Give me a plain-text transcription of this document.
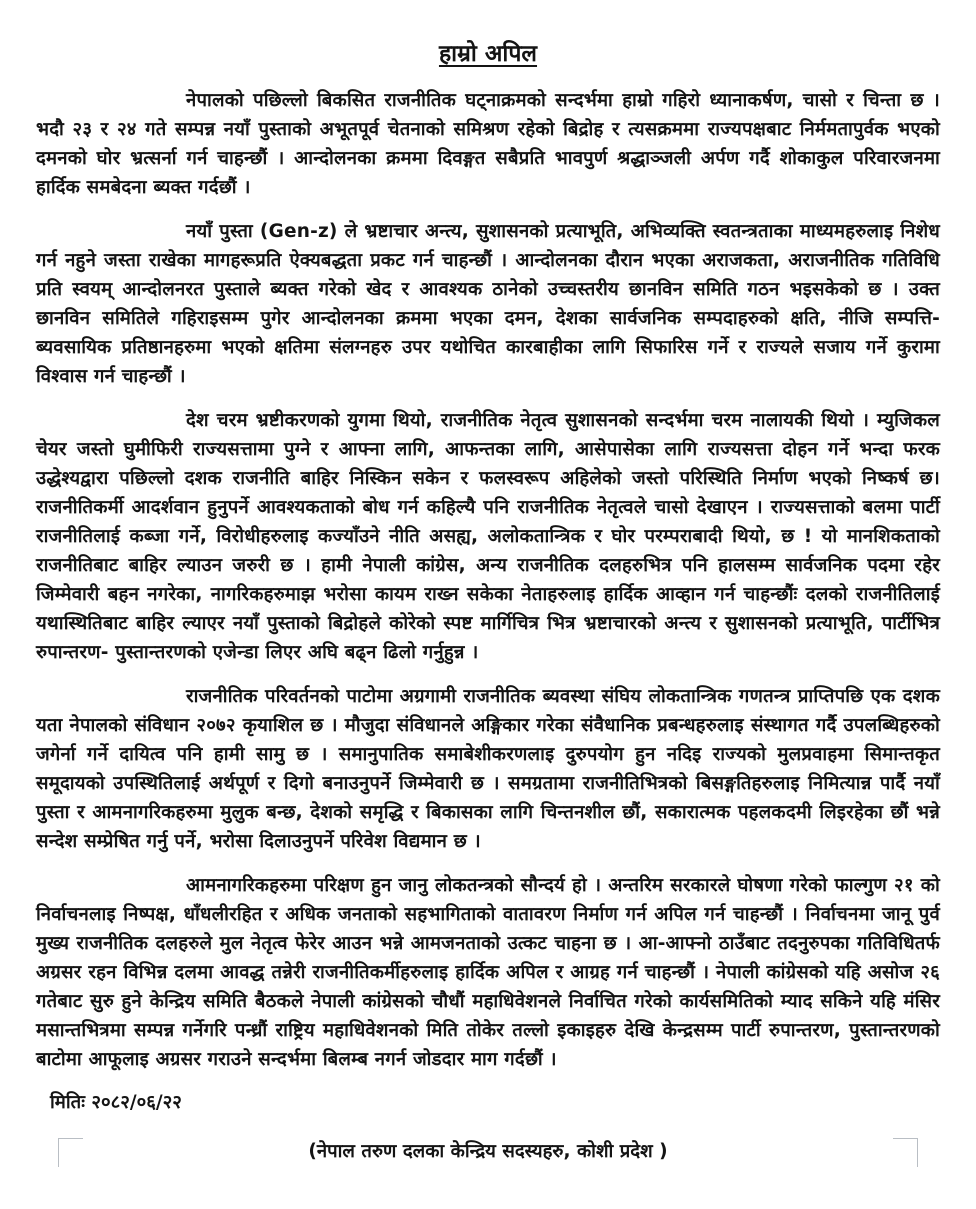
हाम्रो अपिल

नेपालको पछिल्लो बिकसित राजनीतिक घट्नाक्रमको सन्दर्भमा हाम्रो गहिरो ध्यानाकर्षण, चासो र चिन्ता छ । भदौ २३ र २४ गते सम्पन्न नयाँ पुस्ताको अभूतपूर्व चेतनाको समिश्रण रहेको बिद्रोह र त्यसक्रममा राज्यपक्षबाट निर्ममतापुर्वक भएको दमनको घोर भ्रत्सर्ना गर्न चाहन्छौं । आन्दोलनका क्रममा दिवङ्गत सबैप्रति भावपुर्ण श्रद्धाञ्जली अर्पण गर्दै शोकाकुल परिवारजनमा हार्दिक समबेदना ब्यक्त गर्दछौं ।

नयाँ पुस्ता (Gen-z) ले भ्रष्टाचार अन्त्य, सुशासनको प्रत्याभूति, अभिव्यक्ति स्वतन्त्रताका माध्यमहरुलाइ निशेध गर्न नहुने जस्ता राखेका मागहरूप्रति ऐक्यबद्धता प्रकट गर्न चाहन्छौं । आन्दोलनका दौरान भएका अराजकता, अराजनीतिक गतिविधि प्रति स्वयम् आन्दोलनरत पुस्ताले ब्यक्त गरेको खेद र आवश्यक ठानेको उच्चस्तरीय छानविन समिति गठन भइसकेको छ । उक्त छानविन समितिले गहिराइसम्म पुगेर आन्दोलनका क्रममा भएका दमन, देशका सार्वजनिक सम्पदाहरुको क्षति, नीजि सम्पत्ति- ब्यवसायिक प्रतिष्ठानहरुमा भएको क्षतिमा संलग्नहरु उपर यथोचित कारबाहीका लागि सिफारिस गर्ने र राज्यले सजाय गर्ने कुरामा विश्वास गर्न चाहन्छौं ।

देश चरम भ्रष्टीकरणको युगमा थियो, राजनीतिक नेतृत्व सुशासनको सन्दर्भमा चरम नालायकी थियो । म्युजिकल चेयर जस्तो घुमीफिरी राज्यसत्तामा पुग्ने र आफ्ना लागि, आफन्तका लागि, आसेपासेका लागि राज्यसत्ता दोहन गर्ने भन्दा फरक उद्धेश्यद्वारा पछिल्लो दशक राजनीति बाहिर निस्किन सकेन र फलस्वरूप अहिलेको जस्तो परिस्थिति निर्माण भएको निष्कर्ष छ। राजनीतिकर्मी आदर्शवान हुनुपर्ने आवश्यकताको बोध गर्न कहिल्यै पनि राजनीतिक नेतृत्वले चासो देखाएन । राज्यसत्ताको बलमा पार्टी राजनीतिलाई कब्जा गर्ने, विरोधीहरुलाइ कज्याँउने नीति असह्य, अलोकतान्त्रिक र घोर परम्पराबादी थियो, छ ! यो मानशिकताको राजनीतिबाट बाहिर ल्याउन जरुरी छ । हामी नेपाली कांग्रेस, अन्य राजनीतिक दलहरुभित्र पनि हालसम्म सार्वजनिक पदमा रहेर जिम्मेवारी बहन नगरेका, नागरिकहरुमाझ भरोसा कायम राख्न सकेका नेताहरुलाइ हार्दिक आव्हान गर्न चाहन्छौंः दलको राजनीतिलाई यथास्थितिबाट बाहिर ल्याएर नयाँ पुस्ताको बिद्रोहले कोरेको स्पष्ट मार्गिचित्र भित्र भ्रष्टाचारको अन्त्य र सुशासनको प्रत्याभूति, पार्टीभित्र रुपान्तरण- पुस्तान्तरणको एजेन्डा लिएर अघि बढ्न ढिलो गर्नुहुन्न ।

राजनीतिक परिवर्तनको पाटोमा अग्रगामी राजनीतिक ब्यवस्था संघिय लोकतान्त्रिक गणतन्त्र प्राप्तिपछि एक दशक यता नेपालको संविधान २०७२ कृयाशिल छ । मौजुदा संविधानले अङ्गिकार गरेका संवैधानिक प्रबन्धहरुलाइ संस्थागत गर्दै उपलब्धिहरुको जगेर्ना गर्ने दायित्व पनि हामी सामु छ । समानुपातिक समाबेशीकरणलाइ दुरुपयोग हुन नदिइ राज्यको मुलप्रवाहमा सिमान्तकृत समूदायको उपस्थितिलाई अर्थपूर्ण र दिगो बनाउनुपर्ने जिम्मेवारी छ । समग्रतामा राजनीतिभित्रको बिसङ्गतिहरुलाइ निमित्यान्न पार्दै नयाँ पुस्ता र आमनागरिकहरुमा मुलुक बन्छ, देशको समृद्धि र बिकासका लागि चिन्तनशील छौं, सकारात्मक पहलकदमी लिइरहेका छौं भन्ने सन्देश सम्प्रेषित गर्नु पर्ने, भरोसा दिलाउनुपर्ने परिवेश विद्यमान छ ।

आमनागरिकहरुमा परिक्षण हुन जानु लोकतन्त्रको सौन्दर्य हो । अन्तरिम सरकारले घोषणा गरेको फाल्गुण २१ को निर्वाचनलाइ निष्पक्ष, धाँधलीरहित र अधिक जनताको सहभागिताको वातावरण निर्माण गर्न अपिल गर्न चाहन्छौं । निर्वाचनमा जानू पुर्व मुख्य राजनीतिक दलहरुले मुल नेतृत्व फेरेर आउन भन्ने आमजनताको उत्कट चाहना छ । आ-आफ्नो ठाउँबाट तदनुरुपका गतिविधितर्फ अग्रसर रहन विभिन्न दलमा आवद्ध तन्नेरी राजनीतिकर्मीहरुलाइ हार्दिक अपिल र आग्रह गर्न चाहन्छौं । नेपाली कांग्रेसको यहि असोज २६ गतेबाट सुरु हुने केन्द्रिय समिति बैठकले नेपाली कांग्रेसको चौधौं महाधिवेशनले निर्वाचित गरेको कार्यसमितिको म्याद सकिने यहि मंसिर मसान्तभित्रमा सम्पन्न गर्नेगरि पन्ध्रौं राष्ट्रिय महाधिवेशनको मिति तोकेर तल्लो इकाइहरु देखि केन्द्रसम्म पार्टी रुपान्तरण, पुस्तान्तरणको बाटोमा आफूलाइ अग्रसर गराउने सन्दर्भमा बिलम्ब नगर्न जोडदार माग गर्दछौं ।

मितिः २०८२/०६/२२
(नेपाल तरुण दलका केन्द्रिय सदस्यहरु, कोशी प्रदेश )
